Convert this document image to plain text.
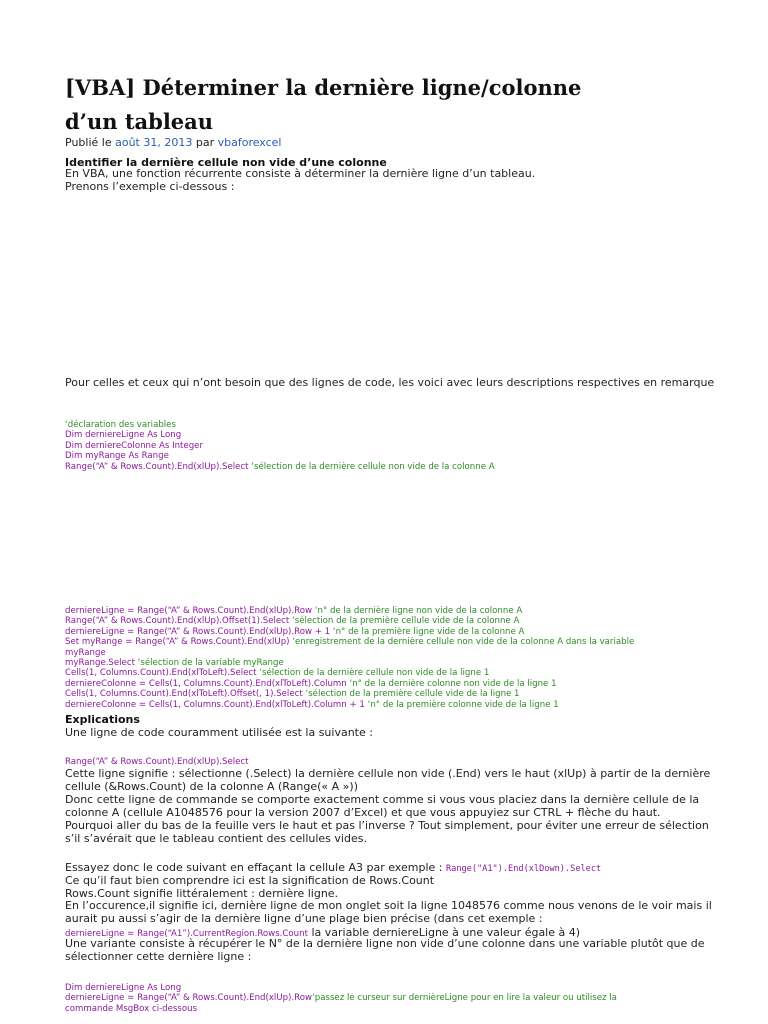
[VBA] Déterminer la dernière ligne/colonne
d’un tableau
Publié le août 31, 2013 par vbaforexcel
Identifier la dernière cellule non vide d’une colonne
En VBA, une fonction récurrente consiste à déterminer la dernière ligne d’un tableau.
Prenons l’exemple ci-dessous :
Pour celles et ceux qui n’ont besoin que des lignes de code, les voici avec leurs descriptions respectives en remarque
‘déclaration des variables
Dim dernierеLigne As Long
Dim dernierеColonne As Integer
Dim myRange As Range
Range(“A” & Rows.Count).End(xlUp).Select ‘sélection de la dernière cellule non vide de la colonne A
dernierеLigne = Range(“A” & Rows.Count).End(xlUp).Row ‘n° de la dernière ligne non vide de la colonne A
Range(“A” & Rows.Count).End(xlUp).Offset(1).Select ‘sélection de la première cellule vide de la colonne A
dernierеLigne = Range(“A” & Rows.Count).End(xlUp).Row + 1 ‘n° de la première ligne vide de la colonne A
Set myRange = Range(“A” & Rows.Count).End(xlUp) ‘enregistrement de la dernière cellule non vide de la colonne A dans la variable
myRange
myRange.Select ‘sélection de la variable myRange
Cells(1, Columns.Count).End(xlToLeft).Select ‘sélection de la dernière cellule non vide de la ligne 1
dernierеColonne = Cells(1, Columns.Count).End(xlToLeft).Column ‘n° de la dernière colonne non vide de la ligne 1
Cells(1, Columns.Count).End(xlToLeft).Offset(, 1).Select ‘sélection de la première cellule vide de la ligne 1
dernierеColonne = Cells(1, Columns.Count).End(xlToLeft).Column + 1 ‘n° de la première colonne vide de la ligne 1
Explications
Une ligne de code couramment utilisée est la suivante :
Range(“A” & Rows.Count).End(xlUp).Select
Cette ligne signifie : sélectionne (.Select) la dernière cellule non vide (.End) vers le haut (xlUp) à partir de la dernière cellule (&Rows.Count) de la colonne A (Range(« A »))
Donc cette ligne de commande se comporte exactement comme si vous vous placiez dans la dernière cellule de la colonne A (cellule A1048576 pour la version 2007 d’Excel) et que vous appuyiez sur CTRL + flèche du haut.
Pourquoi aller du bas de la feuille vers le haut et pas l’inverse ? Tout simplement, pour éviter une erreur de sélection s’il s’avérait que le tableau contient des cellules vides.
Essayez donc le code suivant en effaçant la cellule A3 par exemple : Range("A1").End(xlDown).Select
Ce qu’il faut bien comprendre ici est la signification de Rows.Count
Rows.Count signifie littéralement : dernière ligne.
En l’occurence,il signifie ici, dernière ligne de mon onglet soit la ligne 1048576 comme nous venons de le voir mais il aurait pu aussi s’agir de la dernière ligne d’une plage bien précise (dans cet exemple :
dernierеLigne = Range(“A1”).CurrentRegion.Rows.Count la variable dernierеLigne à une valeur égale à 4)
Une variante consiste à récupérer le N° de la dernière ligne non vide d’une colonne dans une variable plutôt que de sélectionner cette dernière ligne :
Dim dernierеLigne As Long
dernierеLigne = Range(“A” & Rows.Count).End(xlUp).Row‘passez le curseur sur dernièreLigne pour en lire la valeur ou utilisez la
commande MsgBox ci-dessous
